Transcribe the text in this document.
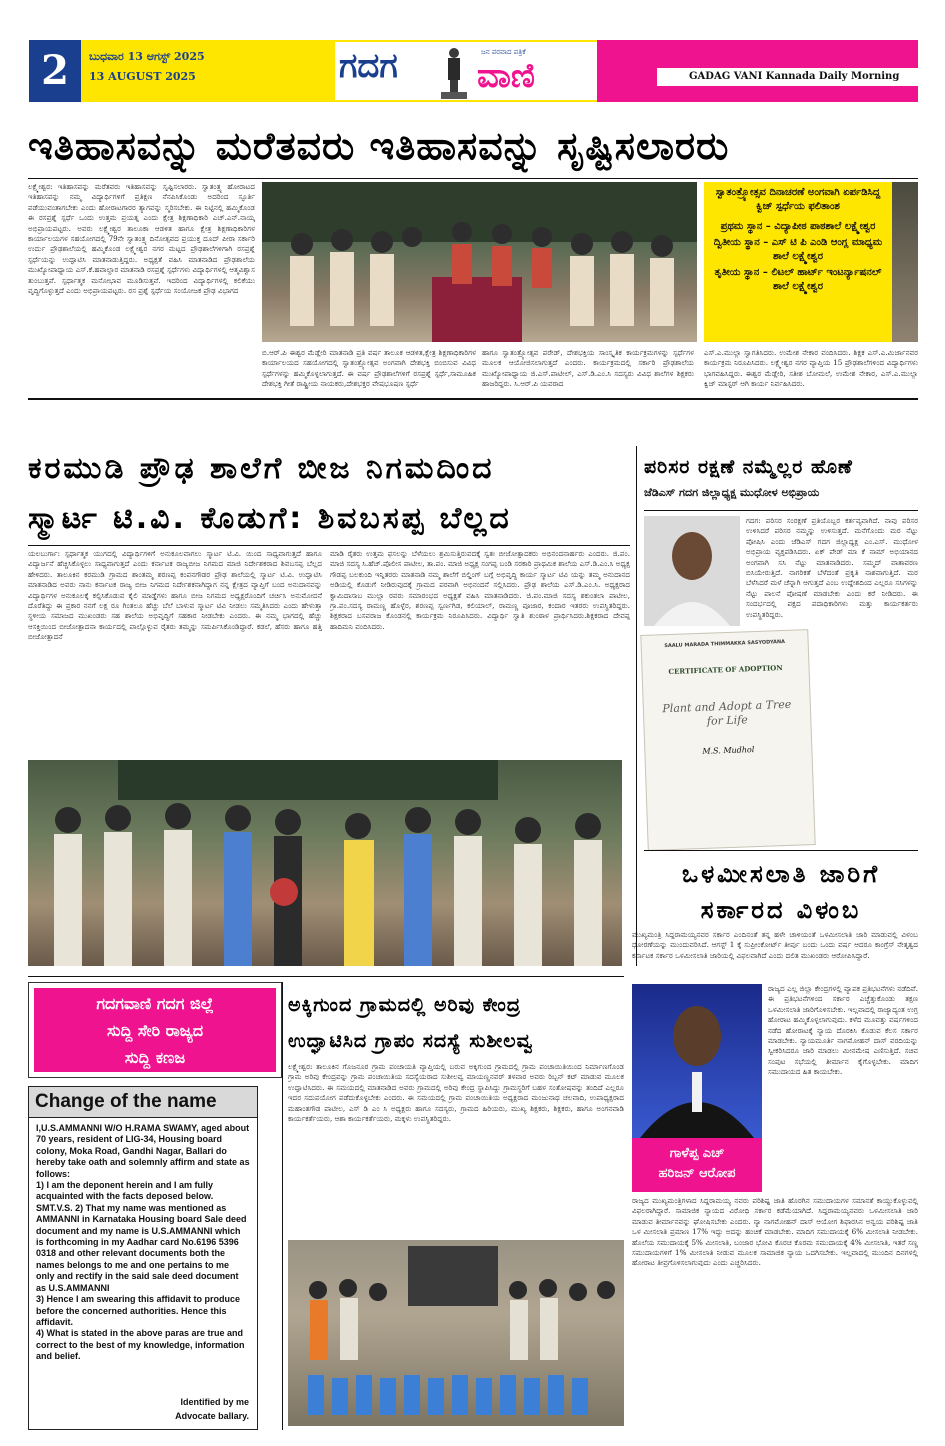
2	ಬುಧವಾರ 13 ಆಗಸ್ಟ್ 2025
13 AUGUST 2025	ಗದಗ	ಜನ ಪರವಾದ ಪತ್ರಿಕೆ
ವಾಣಿ	GADAG VANI Kannada Daily Morning
ಇತಿಹಾಸವನ್ನು ಮರೆತವರು ಇತಿಹಾಸವನ್ನು ಸೃಷ್ಟಿಸಲಾರರು
ಲಕ್ಷ್ಮೇಶ್ವರ: ಇತಿಹಾಸವನ್ನು ಮರೆತವರು ಇತಿಹಾಸವನ್ನು ಸೃಷ್ಟಿಸಲಾರರು. ಸ್ವಾತಂತ್ರ್ಯ ಹೋರಾಟದ ಇತಿಹಾಸವನ್ನು ನಮ್ಮ ವಿದ್ಯಾರ್ಥಿಗಳಿಗೆ ಪ್ರತಿಕ್ಷಣ ನೆನಪಿಸಿಕೊಂಡು ಅದರಿಂದ ಸ್ಫೂರ್ತಿ ಪಡೆಯುವಂತಾಗಬೇಕು ಎಂದು ಹೋರಾಟಗಾರರ ತ್ಯಾಗವನ್ನು ಸ್ಮರಿಸಬೇಕು. ಈ ನಿಟ್ಟಿನಲ್ಲಿ ಹಮ್ಮಿಕೊಂಡ ಈ ರಸಪ್ರಶ್ನೆ ಸ್ಪರ್ಧೆ ಒಂದು ಉತ್ತಮ ಪ್ರಯತ್ನ ಎಂದು ಕ್ಷೇತ್ರ ಶಿಕ್ಷಣಾಧಿಕಾರಿ ಎಚ್.ಎನ್.ನಾಯ್ಕ ಅಭಿಪ್ರಾಯಪಟ್ಟರು. ಅವರು ಲಕ್ಷ್ಮೇಶ್ವರ ತಾಲೂಕಾ ಆಡಳಿತ ಹಾಗೂ ಕ್ಷೇತ್ರ ಶಿಕ್ಷಣಾಧಿಕಾರಿಗಳ ಕಾರ್ಯಾಲಯಗಳ ಸಹಯೋಗದಲ್ಲಿ 79ನೇ ಸ್ವಾತಂತ್ರ್ಯ ದಿನೋತ್ಸವದ ಪ್ರಯುಕ್ತ ದೂದ್ ಪೀರಾ ಸರ್ಕಾರಿ ಉರ್ದು ಪ್ರೌಢಶಾಲೆಯಲ್ಲಿ ಹಮ್ಮಿಕೊಂಡ ಲಕ್ಷ್ಮೇಶ್ವರ ನಗರ ಮಟ್ಟದ ಪ್ರೌಢಶಾಲೆಗಳಿಗಾಗಿ ರಸಪ್ರಶ್ನೆ ಸ್ಪರ್ಧೆಯನ್ನು ಉದ್ಘಾಟಿಸಿ ಮಾತನಾಡುತ್ತಿದ್ದರು. ಅಧ್ಯಕ್ಷತೆ ವಹಿಸಿ ಮಾತನಾಡಿದ ಪ್ರೌಢಶಾಲೆಯ ಮುಖ್ಯೋಪಾಧ್ಯಾಯ ಎಸ್.ಕೆ.ಹವಾಲ್ದಾರ ಮಾತನಾಡಿ ರಸಪ್ರಶ್ನೆ ಸ್ಪರ್ಧೆಗಳು ವಿದ್ಯಾರ್ಥಿಗಳಲ್ಲಿ ಆತ್ಮವಿಶ್ವಾಸ ತುಂಬುತ್ತವೆ. ಸ್ಪರ್ಧಾತ್ಮಕ ಮನೋಭಾವ ಮೂಡಿಸುತ್ತವೆ. ಇದರಿಂದ ವಿದ್ಯಾರ್ಥಿಗಳಲ್ಲಿ ಕಲಿಕೆಯು ವೃದ್ಧಿಗೊಳ್ಳುತ್ತದೆ ಎಂದು ಅಭಿಪ್ರಾಯಪಟ್ಟರು. ರಸ ಪ್ರಶ್ನೆ ಸ್ಪರ್ಧೆಯ ಸಂಯೋಜಕ ಪ್ರೌಢ ವಿಭಾಗದ
ಸ್ವಾತಂತ್ರ್ಯೋತ್ಸವ ದಿನಾಚರಣೆ ಅಂಗವಾಗಿ ಏರ್ಪಡಿಸಿದ್ದ ಕ್ವಿಜ್ ಸ್ಪರ್ಧೆಯ ಫಲಿತಾಂಶ
ಪ್ರಥಮ ಸ್ಥಾನ – ವಿದ್ಯಾಪೀಠ ಪಾಠಶಾಲೆ ಲಕ್ಷ್ಮೇಶ್ವರ
ದ್ವಿತೀಯ ಸ್ಥಾನ – ಎಸ್ ಟಿ ಪಿ ಎಂಡಿ ಆಂಗ್ಲ ಮಾಧ್ಯಮ ಶಾಲೆ ಲಕ್ಷ್ಮೇಶ್ವರ
ತೃತೀಯ ಸ್ಥಾನ – ಲಿಟಲ್ ಹಾರ್ಟ್ ಇಂಟರ್ನ್ಯಾಷನಲ್ ಶಾಲೆ ಲಕ್ಷ್ಮೇಶ್ವರ
ಬಿ.ಆರ್.ಪಿ ಈಶ್ವರ ಮೆಡ್ಲೇರಿ ಮಾತನಾಡಿ ಪ್ರತಿ ವರ್ಷ ತಾಲೂಕ ಆಡಳಿತ,ಕ್ಷೇತ್ರ ಶಿಕ್ಷಣಾಧಿಕಾರಿಗಳ ಕಾರ್ಯಾಲಯದ ಸಹಯೋಗದಲ್ಲಿ ಸ್ವಾತಂತ್ರ್ಯೋತ್ಸವ ಅಂಗವಾಗಿ ದೇಶಭಕ್ತಿ ಬಿಂಬಿಸುವ ವಿವಿಧ ಸ್ಪರ್ಧೆಗಳನ್ನು ಹಮ್ಮಿಕೊಳ್ಳಲಾಗುತ್ತದೆ. ಈ ವರ್ಷ ಪ್ರೌಢಶಾಲೆಗಳಿಗೆ ರಸಪ್ರಶ್ನೆ ಸ್ಪರ್ಧೆ,ಸಾಮೂಹಿಕ ದೇಶಭಕ್ತಿ ಗೀತೆ ರಾಷ್ಟ್ರೀಯ ನಾಯಕರು,ದೇಶಭಕ್ತರ ವೇಷಭೂಷಣ ಸ್ಪರ್ಧೆ
ಹಾಗೂ ಸ್ವಾತಂತ್ರ್ಯೋತ್ಸವ ಪರೇಡ್, ದೇಶಭಕ್ತಿಯ ಸಾಂಸ್ಕೃತಿಕ ಕಾರ್ಯಕ್ರಮಗಳನ್ನು ಸ್ಪರ್ಧೆಗಳ ಮೂಲಕ ಆಯೋಜಿಸಲಾಗುತ್ತದೆ ಎಂದರು. ಕಾರ್ಯಕ್ರಮದಲ್ಲಿ ಸರ್ಕಾರಿ ಪ್ರೌಢಶಾಲೆಯ ಮುಖ್ಯೋಪಾಧ್ಯಾಯ ಜಿ.ಎಸ್.ಪಾಟೀಲ್, ಎಸ್.ಡಿ.ಎಂ.ಸಿ ಸದಸ್ಯರು ವಿವಿಧ ಶಾಲೆಗಳ ಶಿಕ್ಷಕರು ಹಾಜರಿದ್ದರು. ಸಿ.ಆರ್.ಪಿ ಯವರಾದ
ಎಸ್.ಎ.ಮುಲ್ಲಾ ಸ್ವಾಗತಿಸಿದರು. ಉಮೇಶ ನೇಕಾರ ವಂದಿಸಿದರು. ಶಿಕ್ಷಕ ಎಸ್.ಎ.ಮಿರ್ಜಾನವರ ಕಾರ್ಯಕ್ರಮ ನಿರೂಪಿಸಿದರು. ಲಕ್ಷ್ಮೇಶ್ವರ ನಗರ ವ್ಯಾಪ್ತಿಯ 15 ಪ್ರೌಢಶಾಲೆಗಳಿಂದ ವಿದ್ಯಾರ್ಥಿಗಳು ಭಾಗವಹಿಸಿದ್ದರು. ಈಶ್ವರ ಮೆಡ್ಲೇರಿ, ಸತೀಶ ಬೋಮಲೆ, ಉಮೇಶ ನೇಕಾರ, ಎಸ್.ಎ.ಮುಲ್ಲಾ ಕ್ವಿಜ್ ಮಾಸ್ಟರ್ ಆಗಿ ಕಾರ್ಯ ನಿರ್ವಹಿಸಿದರು.
ಕರಮುಡಿ ಪ್ರೌಢ ಶಾಲೆಗೆ ಬೀಜ ನಿಗಮದಿಂದ
ಸ್ಮಾರ್ಟ ಟಿ.ವಿ. ಕೊಡುಗೆ: ಶಿವಬಸಪ್ಪ ಬೆಲ್ಲದ
ಯಲಬುರ್ಗಾ: ಸ್ಪರ್ಧಾತ್ಮಕ ಯುಗದಲ್ಲಿ ವಿದ್ಯಾರ್ಥಿಗಳಿಗೆ ಅನುಕೂಲವಾಗಲು ಸ್ಮಾರ್ಟ ಟಿ.ವಿ. ಯಿಂದ ಸಾಧ್ಯವಾಗುತ್ತದೆ ಹಾಗೂ ವಿದ್ಯಾರ್ಜನೆ ಹೆಚ್ಚಿಸಿಕೊಳ್ಳಲು ಸಾಧ್ಯವಾಗುತ್ತದೆ ಎಂದು ಕರ್ನಾಟಕ ರಾಜ್ಯಬೀಜ ನಿಗಮದ ಮಾಜಿ ನಿರ್ದೇಶಕರಾದ ಶಿವಬಸಪ್ಪ ಬೆಲ್ಲದ ಹೇಳಿದರು. ತಾಲೂಕಿನ ಕರಮುಡಿ ಗ್ರಾಮದ ಶಾಂತಮ್ಮ ಶರಣಪ್ಪ ಕಂಪನಗೌಡರ ಪ್ರೌಢ ಶಾಲೆಯಲ್ಲಿ ಸ್ಮಾರ್ಟ ಟಿ.ವಿ. ಉದ್ಘಾಟಿಸಿ ಮಾತನಾಡಿದ ಅವರು ನಾನು ಕರ್ನಾಟಕ ರಾಜ್ಯ ಬೀಜ ನಿಗಮದ ನಿರ್ದೇಶಕನಾಗಿದ್ದಾಗ ನನ್ನ ಕ್ಷೇತ್ರದ ವ್ಯಾಪ್ತಿಗೆ ಬಂದ ಅನುದಾನವನ್ನು ವಿದ್ಯಾರ್ಥಿಗಳ ಅನುಕೂಲಕ್ಕೆ ಕಲ್ಪಿಸಿಕೊಡುವ ಕೈಲಿ ಮಾಡ್ಡೆಗಳು ಹಾಗೂ ಬೀಜ ನಿಗಮದ ಅಧ್ಯಕ್ಷರೊಂದಿಗೆ ಚರ್ಚಿಸಿ ಅನುಮೋದನೆ ದೊರೆತಿದ್ದು ಈ ಪ್ರಕಾರ ನನಗೆ ಲಕ್ಷ ರೂ ಗಿಂತಲೂ ಹೆಚ್ಚು ಬೆಲೆ ಬಾಳುವ ಸ್ಮಾರ್ಟ ಟಿವಿ ನೀಡಲು ಸಮ್ಮತಿಸಿದರು ಎಂದು ಹೇಳುತ್ತಾ ಸ್ಥಳೀಯ ಸಮಾಜದ ಮುಖಂಡರು ಸಹ ಶಾಲೆಯ ಅಭಿವೃದ್ಧಿಗೆ ಸಹಕಾರ ನೀಡಬೇಕು ಎಂದರು. ಈ ನಮ್ಮ ಭಾಗದಲ್ಲಿ ಹೆಚ್ಚು ಆಸಕ್ತಿಯಿಂದ ಬೀಜೋತ್ಪಾದನಾ ಕಾರ್ಯದಲ್ಲಿ ಪಾಲ್ಗೊಳ್ಳುವ ರೈತರು ತಮ್ಮನ್ನು ಸಮರ್ಪಿಸಿಕೊಂಡಿದ್ದಾರೆ. ಕಡಲೆ, ಹೆಸರು ಹಾಗೂ ಹತ್ತಿ ಬೀಜೋತ್ಪಾದನೆ
ಮಾಡಿ ರೈತರು ಉತ್ತಮ ಫಸಲನ್ನು ಬೆಳೆಯಲು ಶ್ರಮಿಸುತ್ತಿರುವದಕ್ಕೆ ಸ್ವತಃ ಬೀಜೋತ್ಪಾದಕರು ಅಭಿನಂದನಾರ್ಹರು ಎಂದರು. ಜಿ.ಪಂ. ಮಾಜಿ ಸದಸ್ಯ ಸಿ.ಹೆಚ್.ಪೊಲೀಸ ಪಾಟೀಲ, ತಾ.ಪಂ. ಮಾಜಿ ಅಧ್ಯಕ್ಷ ಸಂಗಪ್ಪ ಬಂಡಿ ಸರಕಾರಿ ಪ್ರಾಥಮಿಕ ಶಾಲೆಯ ಎಸ್.ಡಿ.ಎಂ.ಸಿ ಅಧ್ಯಕ್ಷ ಗೌಡಪ್ಪ ಬಲಕುಂದಿ ಇನ್ನಿತರರು ಮಾತನಾಡಿ ನಮ್ಮ ಶಾಲೆಗೆ ಬಿಲ್ಡಿಂಗ್ ಬಗ್ಗೆ ಅಭಿವೃದ್ಧಿ ಕಾರ್ಯ ಸ್ಮಾರ್ಟ ಟಿವಿ ಯನ್ನು ತಮ್ಮ ಅನುದಾನದ ಅಡಿಯಲ್ಲಿ ಕೊಡುಗೆ ನೀಡಿರುವುದಕ್ಕೆ ಗ್ರಾಮದ ಪರವಾಗಿ ಅಭಿನಂದನೆ ಸಲ್ಲಿಸಿದರು. ಪ್ರೌಢ ಶಾಲೆಯ ಎಸ್.ಡಿ.ಎಂ.ಸಿ. ಅಧ್ಯಕ್ಷರಾದ ಕ್ವಾಮಿದಾಸಾಬ ಮುಲ್ಲಾ ರವರು ಸಮಾರಂಭದ ಅಧ್ಯಕ್ಷತೆ ವಹಿಸಿ ಮಾತನಾಡಿದರು. ಜಿ.ಪಂ.ಮಾಜಿ ಸದಸ್ಯ ಶಕುಂತಲಾ ಪಾಟೀಲ, ಗ್ರಾ.ಪಂ.ಸದಸ್ಯ ರಾಮಣ್ಣ ಹೊಳ್ಳೆರ, ಶರಣಪ್ಪ ಸ್ವರ್ಣಗಿಡ, ಕಲಿಯಾಲ್, ರಾಮಣ್ಣ ಪೂಜಾರ, ಕಂದಾರ ಇತರರು ಉಪಸ್ಥಿತರಿದ್ದರು. ಶಿಕ್ಷಕರಾದ ಬಸವರಾಜ ಕೊಂಡನಲ್ಲಿ ಕಾರ್ಯಕ್ರಮ ನಿರೂಪಿಸಿದರು. ವಿದ್ಯಾರ್ಥಿ ಸ್ವಾತಿ ಶುಂಠಾಳ ಪ್ರಾರ್ಥಿಸಿದರು.ಶಿಕ್ಷಕರಾದ ದೇವಪ್ಪ ಹಾದಿಮನಿ ವಂದಿಸಿದರು.
ಪರಿಸರ ರಕ್ಷಣೆ ನಮ್ಮೆಲ್ಲರ ಹೊಣೆ
ಜೆಡಿಎಸ್ ಗದಗ ಜಿಲ್ಲಾಧ್ಯಕ್ಷ ಮುಧೋಳ ಅಭಿಪ್ರಾಯ
ಗದಗ: ಪರಿಸರ ಸಂರಕ್ಷಣೆ ಪ್ರತಿಯೊಬ್ಬರ ಕರ್ತವ್ಯವಾಗಿದೆ. ನಾವು ಪರಿಸರ ಉಳಿಸಿದರೆ ಪರಿಸರ ನಮ್ಮನ್ನು ಉಳಿಸುತ್ತದೆ. ಮನೆಗೊಂದು ಮರ ನೆಟ್ಟು ಪೋಷಿಸಿ ಎಂದು ಜೆಡಿಎಸ್ ಗದಗ ಜಿಲ್ಲಾಧ್ಯಕ್ಷ ಎಂ.ಎಸ್. ಮುಧೋಳ ಅಭಿಪ್ರಾಯ ವ್ಯಕ್ತಪಡಿಸಿದರು. ಏಕ್ ಪೇಡ್ ಮಾ ಕೆ ನಾಮ್ ಅಭಿಯಾನದ ಅಂಗವಾಗಿ ಸಸಿ ನೆಟ್ಟು ಮಾತನಾಡಿದರು. ಸಮ್ಮದ್ ವಾತಾವರಣ ಬಿಸಿಯೇರುತ್ತಿದೆ. ನಾಗರಿಕತೆ ಬೆಳೆದಂತೆ ಪ್ರಕೃತಿ ನಾಶವಾಗುತ್ತಿದೆ. ಮರ ಬೆಳೆಸಿದರೆ ಮಳೆ ಚೆನ್ನಾಗಿ ಆಗುತ್ತದೆ ಎಂಬ ಉದ್ದೇಶದಿಂದ ಎಲ್ಲರೂ ಸಸಿಗಳನ್ನು ನೆಟ್ಟು ಪಾಲನೆ ಪೋಷಣೆ ಮಾಡಬೇಕು ಎಂದು ಕರೆ ನೀಡಿದರು. ಈ ಸಂದರ್ಭದಲ್ಲಿ ಪಕ್ಷದ ಪದಾಧಿಕಾರಿಗಳು ಮತ್ತು ಕಾರ್ಯಕರ್ತರು ಉಪಸ್ಥಿತರಿದ್ದರು.
SAALU MARADA THIMMAKKA SASYODYANA
CERTIFICATE OF ADOPTION
Plant and Adopt a Tree for Life
M.S. Mudhol
ಒಳಮೀಸಲಾತಿ ಜಾರಿಗೆ
ಸರ್ಕಾರದ ವಿಳಂಬ
ಮುಖ್ಯಮಂತ್ರಿ ಸಿದ್ದರಾಮಯ್ಯನವರ ಸರ್ಕಾರ ಎಂದಿನಂತೆ ತನ್ನ ಹಳೇ ಚಾಳಿಯಂತೆ ಒಳಮೀಸಲಾತಿ ಜಾರಿ ಮಾಡುವಲ್ಲಿ ವಿಳಂಬ ಧೋರಣೆಯನ್ನು ಮುಂದುವರಿಸಿದೆ. ಆಗಸ್ಟ್ 1 ಕ್ಕೆ ಸುಪ್ರೀಂಕೋರ್ಟ್ ತೀರ್ಪು ಬಂದು ಒಂದು ವರ್ಷ ಆದರೂ ಕಾಂಗ್ರೆಸ್ ನೇತೃತ್ವದ ಕರ್ನಾಟಕ ಸರ್ಕಾರ ಒಳಮೀಸಲಾತಿ ಜಾರಿಯಲ್ಲಿ ವಿಫಲವಾಗಿದೆ ಎಂದು ದಲಿತ ಮುಖಂಡರು ಆರೋಪಿಸಿದ್ದಾರೆ.
ಗಾಳೆಪ್ಪ ಎಚ್
ಹರಿಜನ್ ಆರೋಪ
ರಾಜ್ಯದ ಎಲ್ಲ ಜಿಲ್ಲಾ ಕೇಂದ್ರಗಳಲ್ಲಿ ವ್ಯಾಪಕ ಪ್ರತಿಭಟನೆಗಳು ನಡೆದಿವೆ. ಈ ಪ್ರತಿಭಟನೆಗಳಿಂದ ಸರ್ಕಾರ ಎಚ್ಚೆತ್ತುಕೊಂಡು ತಕ್ಷಣ ಒಳಮೀಸಲಾತಿ ಜಾರಿಗೊಳಿಸಬೇಕು. ಇಲ್ಲವಾದಲ್ಲಿ ರಾಜ್ಯಾದ್ಯಂತ ಉಗ್ರ ಹೋರಾಟ ಹಮ್ಮಿಕೊಳ್ಳಲಾಗುವುದು. ಕಳೆದ ಮೂವತ್ತು ವರ್ಷಗಳಿಂದ ನಡೆದ ಹೋರಾಟಕ್ಕೆ ನ್ಯಾಯ ದೊರಕಿಸಿ ಕೊಡುವ ಕೆಲಸ ಸರ್ಕಾರ ಮಾಡಬೇಕು. ನ್ಯಾಯಮೂರ್ತಿ ನಾಗಮೋಹನ್ ದಾಸ್ ವರದಿಯನ್ನು ಸ್ವೀಕರಿಸಿದರೂ ಜಾರಿ ಮಾಡಲು ಮೀನಮೇಷ ಎಣಿಸುತ್ತಿದೆ. ಸಚಿವ ಸಂಪುಟ ಸಭೆಯಲ್ಲಿ ತೀರ್ಮಾನ ಕೈಗೊಳ್ಳಬೇಕು. ಮಾದಿಗ ಸಮುದಾಯದ ಹಿತ ಕಾಯಬೇಕು.
ರಾಜ್ಯದ ಮುಖ್ಯಮಂತ್ರಿಗಳಾದ ಸಿದ್ದರಾಮಯ್ಯ ನವರು ಪರಿಶಿಷ್ಟ ಜಾತಿ ಹೊರಗಿನ ಸಮುದಾಯಗಳ ಸಮಾನತೆ ಕಾಯ್ದುಕೊಳ್ಳುವಲ್ಲಿ ವಿಫಲರಾಗಿದ್ದಾರೆ. ಸಾಮಾಜಿಕ ನ್ಯಾಯದ ವಿರೋಧಿ ಸರ್ಕಾರ ಕಡೆಮೆಯಾಗಿದೆ. ಸಿದ್ದರಾಮಯ್ಯನವರು ಒಳಮೀಸಲಾತಿ ಜಾರಿ ಮಾಡುವ ತೀರ್ಮಾನವನ್ನು ಘೋಷಿಸಬೇಕು ಎಂದರು. ನ್ಯಾ ನಾಗಮೋಹನ್ ದಾಸ್ ಆಯೋಗ ಶಿಫಾರಸಿನ ಅನ್ವಯ ಪರಿಶಿಷ್ಟ ಜಾತಿ ಒಳ ಮೀಸಲಾತಿ ಪ್ರಮಾಣ 17% ಇದ್ದು ಅದನ್ನು ಹಂಚಿಕೆ ಮಾಡಬೇಕು. ಮಾದಿಗ ಸಮುದಾಯಕ್ಕೆ 6% ಮೀಸಲಾತಿ ನೀಡಬೇಕು. ಹೊಲೆಯ ಸಮುದಾಯಕ್ಕೆ 5% ಮೀಸಲಾತಿ, ಬಂಜಾರ ಭೋವಿ ಕೊರಚ ಕೊರಮ ಸಮುದಾಯಕ್ಕೆ 4% ಮೀಸಲಾತಿ, ಇತರೆ ಸಣ್ಣ ಸಮುದಾಯಗಳಿಗೆ 1% ಮೀಸಲಾತಿ ನೀಡುವ ಮೂಲಕ ಸಾಮಾಜಿಕ ನ್ಯಾಯ ಒದಗಿಸಬೇಕು. ಇಲ್ಲವಾದಲ್ಲಿ ಮುಂದಿನ ದಿನಗಳಲ್ಲಿ ಹೋರಾಟ ತೀವ್ರಗೊಳಿಸಲಾಗುವುದು ಎಂದು ಎಚ್ಚರಿಸಿದರು.
ಗದಗವಾಣಿ ಗದಗ ಜಿಲ್ಲೆ
ಸುದ್ದಿ ಸೇರಿ ರಾಜ್ಯದ
ಸುದ್ದಿ ಕಣಜ
Change of the name
I,U.S.AMMANNI W/O H.RAMA SWAMY, aged about 70 years, resident of LIG-34, Housing board colony, Moka Road, Gandhi Nagar, Ballari do hereby take oath and solemnly affirm and state as follows:
1) I am the deponent herein and I am fully acquainted with the facts deposed below. SMT.V.S. 2) That my name was mentioned as AMMANNI in Karnataka Housing board Sale deed document and my name is U.S.AMMANNI which is forthcoming in my Aadhar card No.6196 5396 0318 and other relevant documents both the names belongs to me and one pertains to me only and rectify in the said sale deed document as U.S.AMMANNI
3) Hence I am swearing this affidavit to produce before the concerned authorities. Hence this affidavit.
4) What is stated in the above paras are true and correct to the best of my knowledge, information and belief.
Identified by me
Advocate ballary.
ಅಕ್ಕಿಗುಂದ ಗ್ರಾಮದಲ್ಲಿ ಅರಿವು ಕೇಂದ್ರ
ಉದ್ಘಾಟಿಸಿದ ಗ್ರಾಪಂ ಸದಸ್ಯೆ ಸುಶೀಲವ್ವ
ಲಕ್ಷ್ಮೇಶ್ವರ: ತಾಲೂಕಿನ ಗೊಜನೂರ ಗ್ರಾಮ ಪಂಚಾಯತಿ ವ್ಯಾಪ್ತಿಯಲ್ಲಿ ಬರುವ ಅಕ್ಕಿಗುಂದ ಗ್ರಾಮದಲ್ಲಿ ಗ್ರಾಮ ಪಂಚಾಯಿತಿಯಿಂದ ನಿರ್ಮಾಣಗೊಂಡ ಗ್ರಾಮ ಅರಿವು ಕೇಂದ್ರವನ್ನು ಗ್ರಾಮ ಪಂಚಾಯಿತಿಯ ಸದಸ್ಯೆಯರಾದ ಸುಶೀಲವ್ವ ಮಾಯಣ್ಣನವರ್ ತಳವಾರ ಅವರು ರಿಬ್ಬನ್ ಕಟ್ ಮಾಡುವ ಮೂಲಕ ಉದ್ಘಾಟಿಸಿದರು. ಈ ಸಮಯದಲ್ಲಿ ಮಾತನಾಡಿದ ಅವರು ಗ್ರಾಮದಲ್ಲಿ ಅರಿವು ಕೇಂದ್ರ ಸ್ಥಾಪಿಸಿದ್ದು ಗ್ರಾಮಸ್ಥರಿಗೆ ಬಹಳ ಸಂತೋಷವನ್ನು ತಂದಿದೆ ಎಲ್ಲರೂ ಇದರ ಸದುಪಯೋಗ ಪಡೆದುಕೊಳ್ಳಬೇಕು ಎಂದರು. ಈ ಸಮಯದಲ್ಲಿ ಗ್ರಾಮ ಪಂಚಾಯಿತಿಯ ಅಧ್ಯಕ್ಷರಾದ ಮಂಜುನಾಥ ಚಲವಾದಿ, ಉಪಾಧ್ಯಕ್ಷರಾದ ಮಹಾಂತಗೌಡ ಪಾಟೀಲ, ಎಸ್ ಡಿ ಎಂ ಸಿ ಅಧ್ಯಕ್ಷರು ಹಾಗೂ ಸದಸ್ಯರು, ಗ್ರಾಮದ ಹಿರಿಯರು, ಮುಖ್ಯ ಶಿಕ್ಷಕರು, ಶಿಕ್ಷಕರು, ಹಾಗೂ ಅಂಗನವಾಡಿ ಕಾರ್ಯಕರ್ತೆಯರು, ಆಶಾ ಕಾರ್ಯಕರ್ತೆಯರು, ಮಕ್ಕಳು ಉಪಸ್ಥಿತರಿದ್ದರು.
